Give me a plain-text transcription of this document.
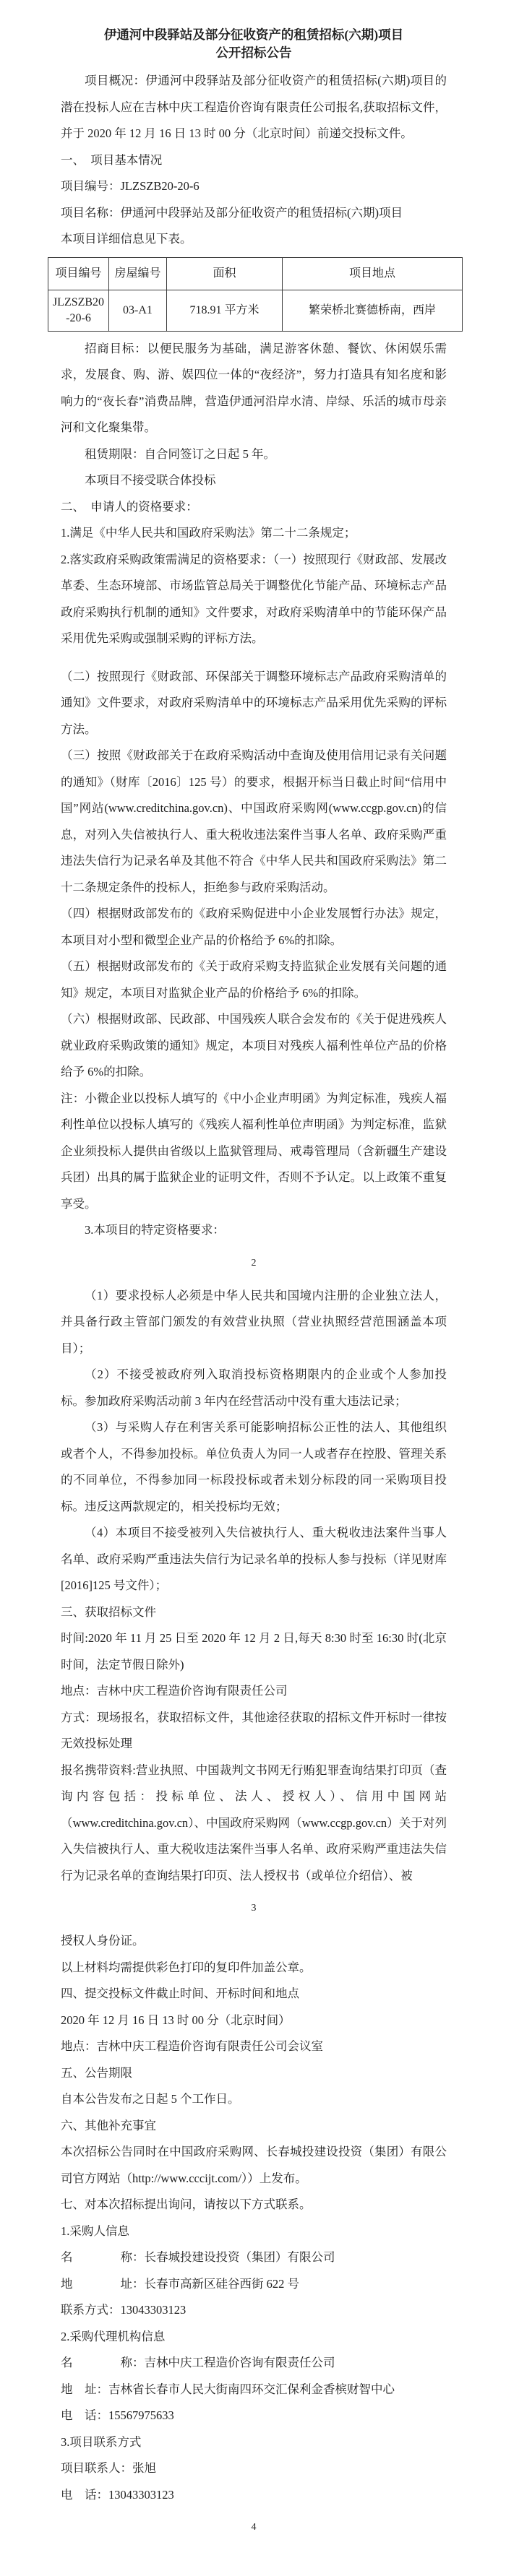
伊通河中段驿站及部分征收资产的租赁招标(六期)项目
公开招标公告

项目概况：伊通河中段驿站及部分征收资产的租赁招标(六期)项目的潜在投标人应在吉林中庆工程造价咨询有限责任公司报名,获取招标文件，并于 2020 年 12 月 16 日 13 时 00 分（北京时间）前递交投标文件。

一、　项目基本情况

项目编号：JLZSZB20-20-6

项目名称：伊通河中段驿站及部分征收资产的租赁招标(六期)项目

本项目详细信息见下表。

项目编号	房屋编号	面积	项目地点
JLZSZB20-20-6	03-A1	718.91 平方米	繁荣桥北赛德桥南，西岸

招商目标：以便民服务为基础，满足游客休憩、餐饮、休闲娱乐需求，发展食、购、游、娱四位一体的“夜经济”，努力打造具有知名度和影响力的“夜长春”消费品牌，营造伊通河沿岸水清、岸绿、乐活的城市母亲河和文化聚集带。

租赁期限：自合同签订之日起 5 年。

本项目不接受联合体投标

二、　申请人的资格要求：

1.满足《中华人民共和国政府采购法》第二十二条规定；

2.落实政府采购政策需满足的资格要求：（一）按照现行《财政部、发展改革委、生态环境部、市场监管总局关于调整优化节能产品、环境标志产品政府采购执行机制的通知》文件要求，对政府采购清单中的节能环保产品采用优先采购或强制采购的评标方法。

（二）按照现行《财政部、环保部关于调整环境标志产品政府采购清单的通知》文件要求，对政府采购清单中的环境标志产品采用优先采购的评标方法。

（三）按照《财政部关于在政府采购活动中查询及使用信用记录有关问题的通知》（财库〔2016〕125 号）的要求，根据开标当日截止时间“信用中国”网站(www.creditchina.gov.cn)、中国政府采购网(www.ccgp.gov.cn)的信息，对列入失信被执行人、重大税收违法案件当事人名单、政府采购严重违法失信行为记录名单及其他不符合《中华人民共和国政府采购法》第二十二条规定条件的投标人，拒绝参与政府采购活动。

（四）根据财政部发布的《政府采购促进中小企业发展暂行办法》规定，本项目对小型和微型企业产品的价格给予 6%的扣除。

（五）根据财政部发布的《关于政府采购支持监狱企业发展有关问题的通知》规定，本项目对监狱企业产品的价格给予 6%的扣除。

（六）根据财政部、民政部、中国残疾人联合会发布的《关于促进残疾人就业政府采购政策的通知》规定，本项目对残疾人福利性单位产品的价格给予 6%的扣除。

注：小微企业以投标人填写的《中小企业声明函》为判定标准，残疾人福利性单位以投标人填写的《残疾人福利性单位声明函》为判定标准，监狱企业须投标人提供由省级以上监狱管理局、戒毒管理局（含新疆生产建设兵团）出具的属于监狱企业的证明文件，否则不予认定。以上政策不重复享受。

3.本项目的特定资格要求：

2

（1）要求投标人必须是中华人民共和国境内注册的企业独立法人，并具备行政主管部门颁发的有效营业执照（营业执照经营范围涵盖本项目）；

（2）不接受被政府列入取消投标资格期限内的企业或个人参加投标。参加政府采购活动前 3 年内在经营活动中没有重大违法记录；

（3）与采购人存在利害关系可能影响招标公正性的法人、其他组织或者个人，不得参加投标。单位负责人为同一人或者存在控股、管理关系的不同单位，不得参加同一标段投标或者未划分标段的同一采购项目投标。违反这两款规定的，相关投标均无效；

（4）本项目不接受被列入失信被执行人、重大税收违法案件当事人名单、政府采购严重违法失信行为记录名单的投标人参与投标（详见财库[2016]125 号文件）；

三、获取招标文件

时间:2020 年 11 月 25 日至 2020 年 12 月 2 日,每天 8:30 时至 16:30 时(北京时间，法定节假日除外)

地点：吉林中庆工程造价咨询有限责任公司

方式：现场报名，获取招标文件，其他途径获取的招标文件开标时一律按无效投标处理

报名携带资料:营业执照、中国裁判文书网无行贿犯罪查询结果打印页（查询内容包括：投标单位、法人、授权人）、信用中国网站（www.creditchina.gov.cn）、中国政府采购网（www.ccgp.gov.cn）关于对列入失信被执行人、重大税收违法案件当事人名单、政府采购严重违法失信行为记录名单的查询结果打印页、法人授权书（或单位介绍信）、被

3

授权人身份证。

以上材料均需提供彩色打印的复印件加盖公章。

四、提交投标文件截止时间、开标时间和地点

2020 年 12 月 16 日 13 时 00 分（北京时间）

地点：吉林中庆工程造价咨询有限责任公司会议室

五、公告期限

自本公告发布之日起 5 个工作日。

六、其他补充事宜

本次招标公告同时在中国政府采购网、长春城投建设投资（集团）有限公司官方网站（http://www.cccijt.com/））上发布。

七、对本次招标提出询问，请按以下方式联系。

1.采购人信息

名　　　　称：长春城投建设投资（集团）有限公司

地　　　　址：长春市高新区硅谷西街 622 号

联系方式：13043303123

2.采购代理机构信息

名　　　　称：吉林中庆工程造价咨询有限责任公司

地　址：吉林省长春市人民大街南四环交汇保利金香槟财智中心

电　话：15567975633

3.项目联系方式

项目联系人：张旭

电　话：13043303123

4
